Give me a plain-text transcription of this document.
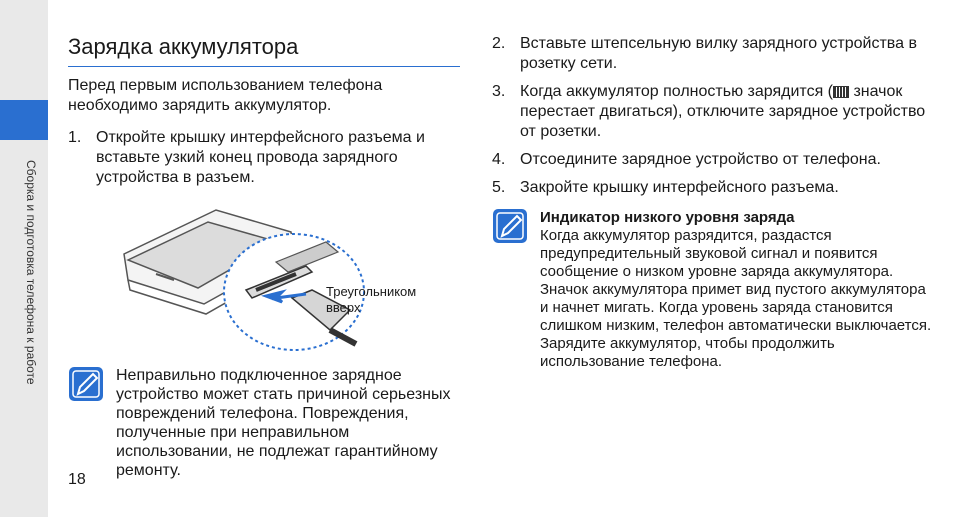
Сборка и подготовка телефона к работе
Зарядка аккумулятора

Перед первым использованием телефона необходимо зарядить аккумулятор.

1. Откройте крышку интерфейсного разъема и вставьте узкий конец провода зарядного устройства в разъем.
Треугольником
вверх
Неправильно подключенное зарядное устройство может стать причиной серьезных повреждений телефона. Повреждения, полученные при неправильном использовании, не подлежат гарантийному ремонту.
2. Вставьте штепсельную вилку зарядного устройства в розетку сети.
3. Когда аккумулятор полностью зарядится ( значок перестает двигаться), отключите зарядное устройство от розетки.
4. Отсоедините зарядное устройство от телефона.
5. Закройте крышку интерфейсного разъема.
Индикатор низкого уровня заряда
Когда аккумулятор разрядится, раздастся предупредительный звуковой сигнал и появится сообщение о низком уровне заряда аккумулятора. Значок аккумулятора примет вид пустого аккумулятора и начнет мигать. Когда уровень заряда становится слишком низким, телефон автоматически выключается. Зарядите аккумулятор, чтобы продолжить использование телефона.
18
